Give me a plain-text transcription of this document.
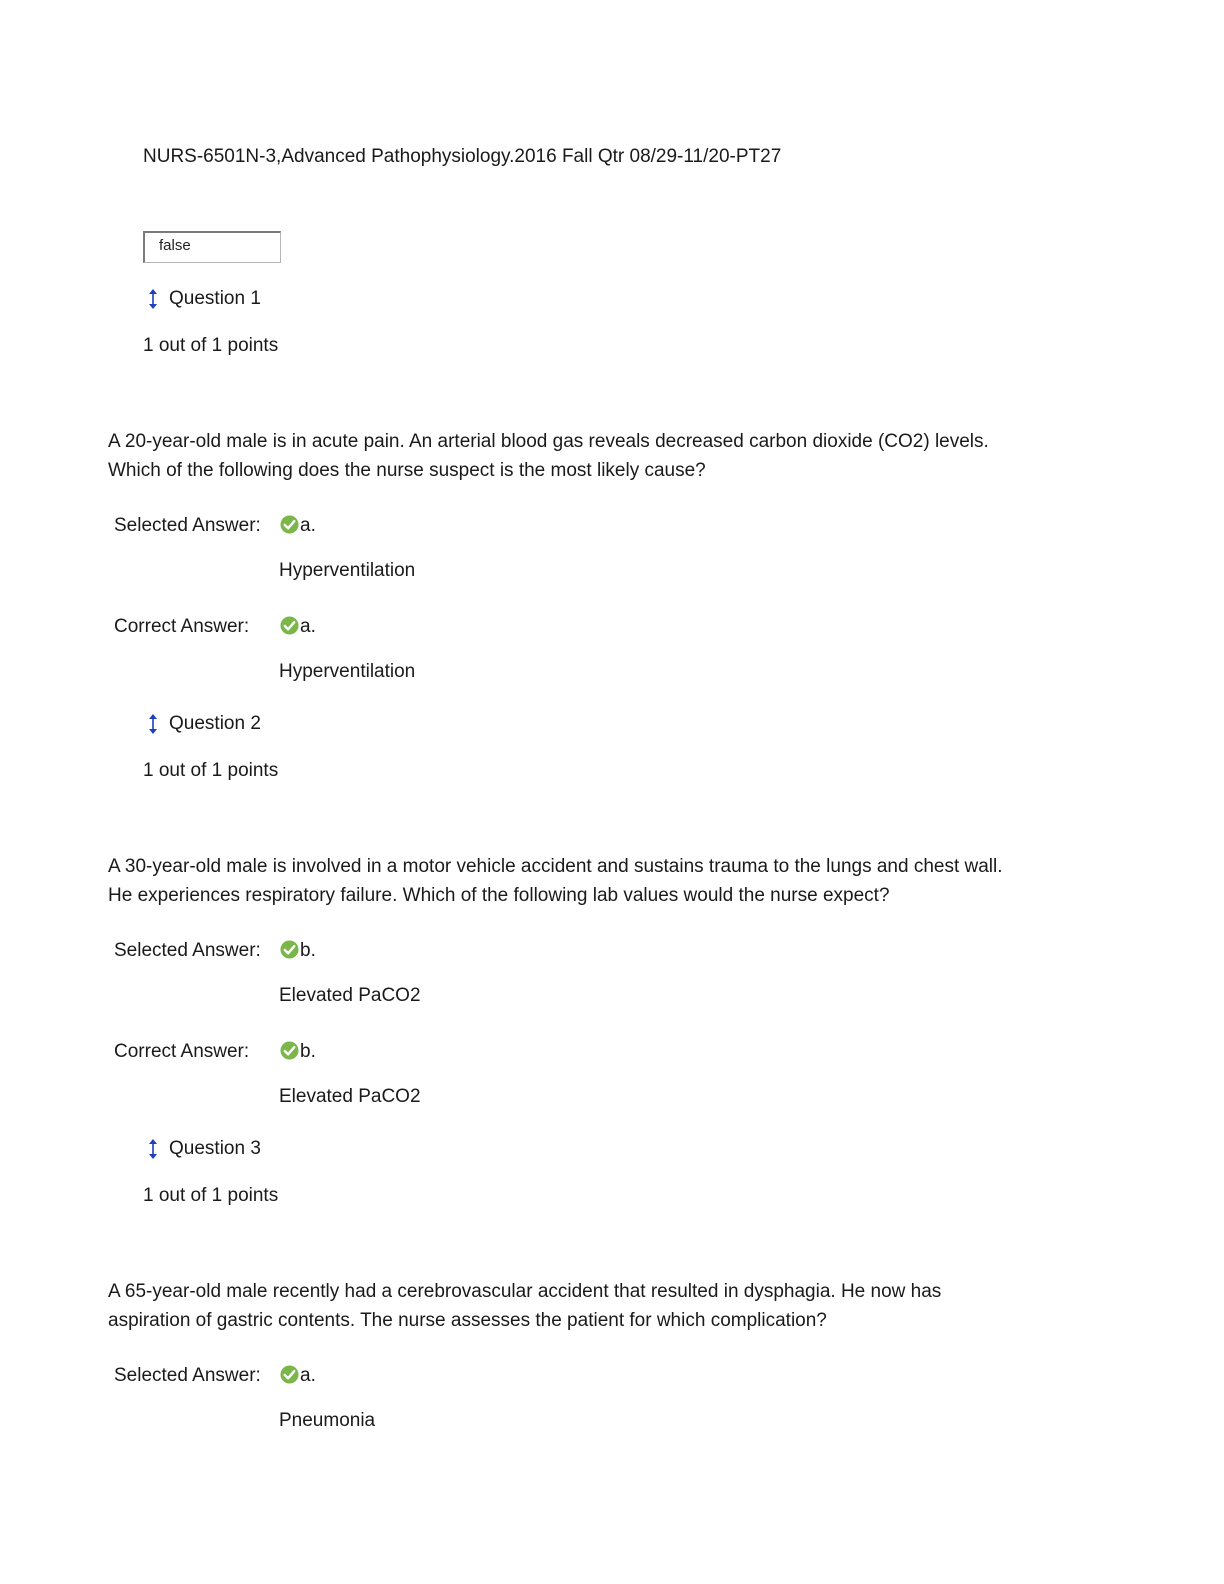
NURS-6501N-3,Advanced Pathophysiology.2016 Fall Qtr 08/29-11/20-PT27
false
Question 1
1 out of 1 points
A 20-year-old male is in acute pain. An arterial blood gas reveals decreased carbon dioxide (CO2) levels. Which of the following does the nurse suspect is the most likely cause?
Selected Answer: a.
Hyperventilation
Correct Answer:	a.
Hyperventilation
Question 2
1 out of 1 points
A 30-year-old male is involved in a motor vehicle accident and sustains trauma to the lungs and chest wall. He experiences respiratory failure. Which of the following lab values would the nurse expect?
Selected Answer: b.
Elevated PaCO2
Correct Answer:	b.
Elevated PaCO2
Question 3
1 out of 1 points
A 65-year-old male recently had a cerebrovascular accident that resulted in dysphagia. He now has aspiration of gastric contents. The nurse assesses the patient for which complication?
Selected Answer: a.
Pneumonia
